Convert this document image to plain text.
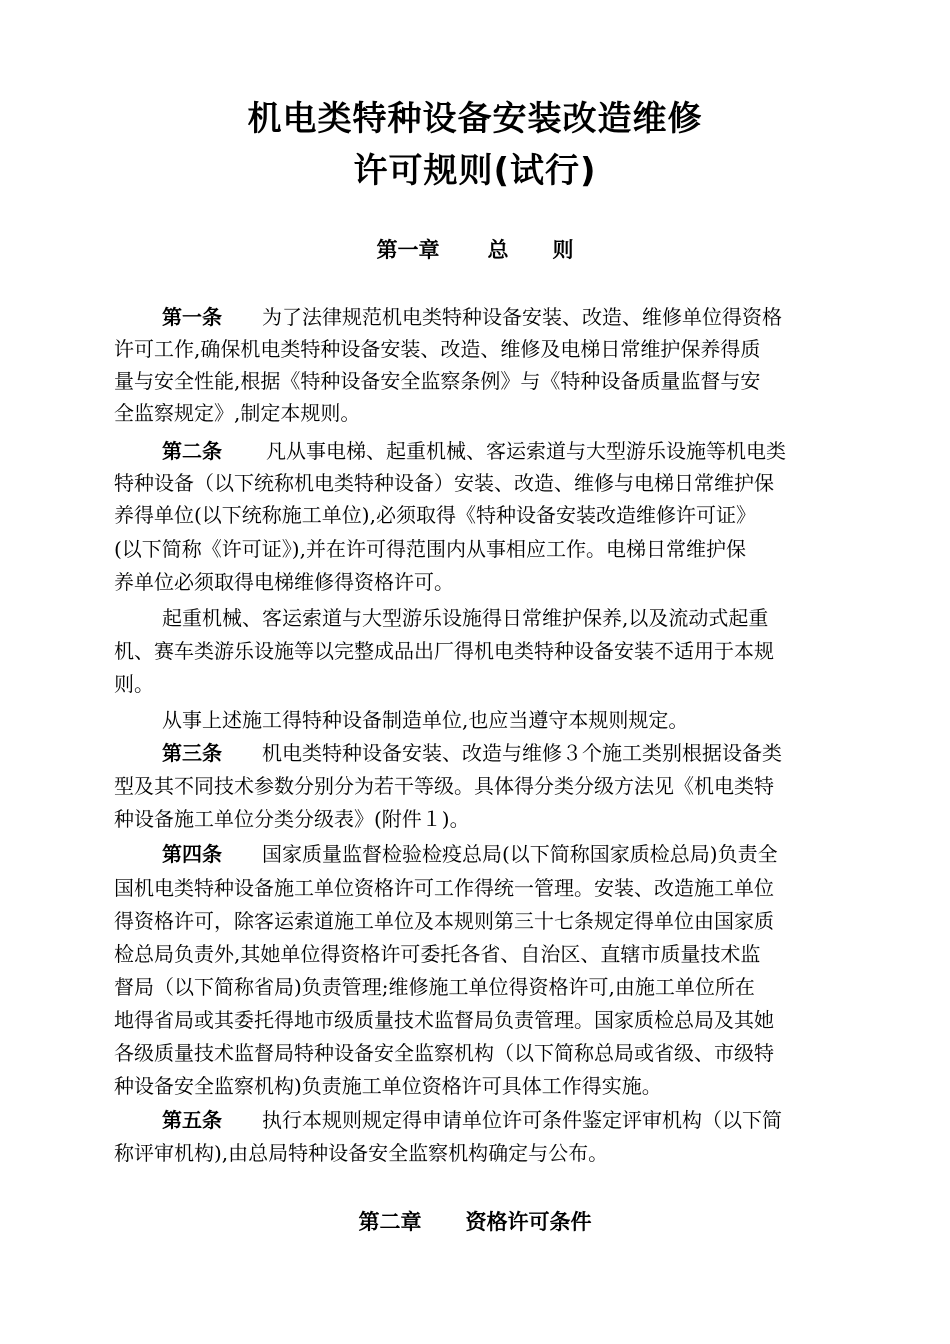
机电类特种设备安装改造维修
许可规则(试行)
第一章 总 则
第一条 为了法律规范机电类特种设备安装、改造、维修单位得资格
许可工作,确保机电类特种设备安装、改造、维修及电梯日常维护保养得质
量与安全性能,根据《特种设备安全监察条例》与《特种设备质量监督与安
全监察规定》,制定本规则。
第二条 凡从事电梯、起重机械、客运索道与大型游乐设施等机电类
特种设备（以下统称机电类特种设备）安装、改造、维修与电梯日常维护保
养得单位(以下统称施工单位),必须取得《特种设备安装改造维修许可证》
(以下简称《许可证》),并在许可得范围内从事相应工作。电梯日常维护保
养单位必须取得电梯维修得资格许可。
起重机械、客运索道与大型游乐设施得日常维护保养,以及流动式起重
机、赛车类游乐设施等以完整成品出厂得机电类特种设备安装不适用于本规
则。
从事上述施工得特种设备制造单位,也应当遵守本规则规定。
第三条 机电类特种设备安装、改造与维修３个施工类别根据设备类
型及其不同技术参数分别分为若干等级。具体得分类分级方法见《机电类特
种设备施工单位分类分级表》(附件１)。
第四条 国家质量监督检验检疫总局(以下简称国家质检总局)负责全
国机电类特种设备施工单位资格许可工作得统一管理。安装、改造施工单位
得资格许可，除客运索道施工单位及本规则第三十七条规定得单位由国家质
检总局负责外,其她单位得资格许可委托各省、自治区、直辖市质量技术监
督局（以下简称省局)负责管理;维修施工单位得资格许可,由施工单位所在
地得省局或其委托得地市级质量技术监督局负责管理。国家质检总局及其她
各级质量技术监督局特种设备安全监察机构（以下简称总局或省级、市级特
种设备安全监察机构)负责施工单位资格许可具体工作得实施。
第五条 执行本规则规定得申请单位许可条件鉴定评审机构（以下简
称评审机构),由总局特种设备安全监察机构确定与公布。
第二章 资格许可条件
